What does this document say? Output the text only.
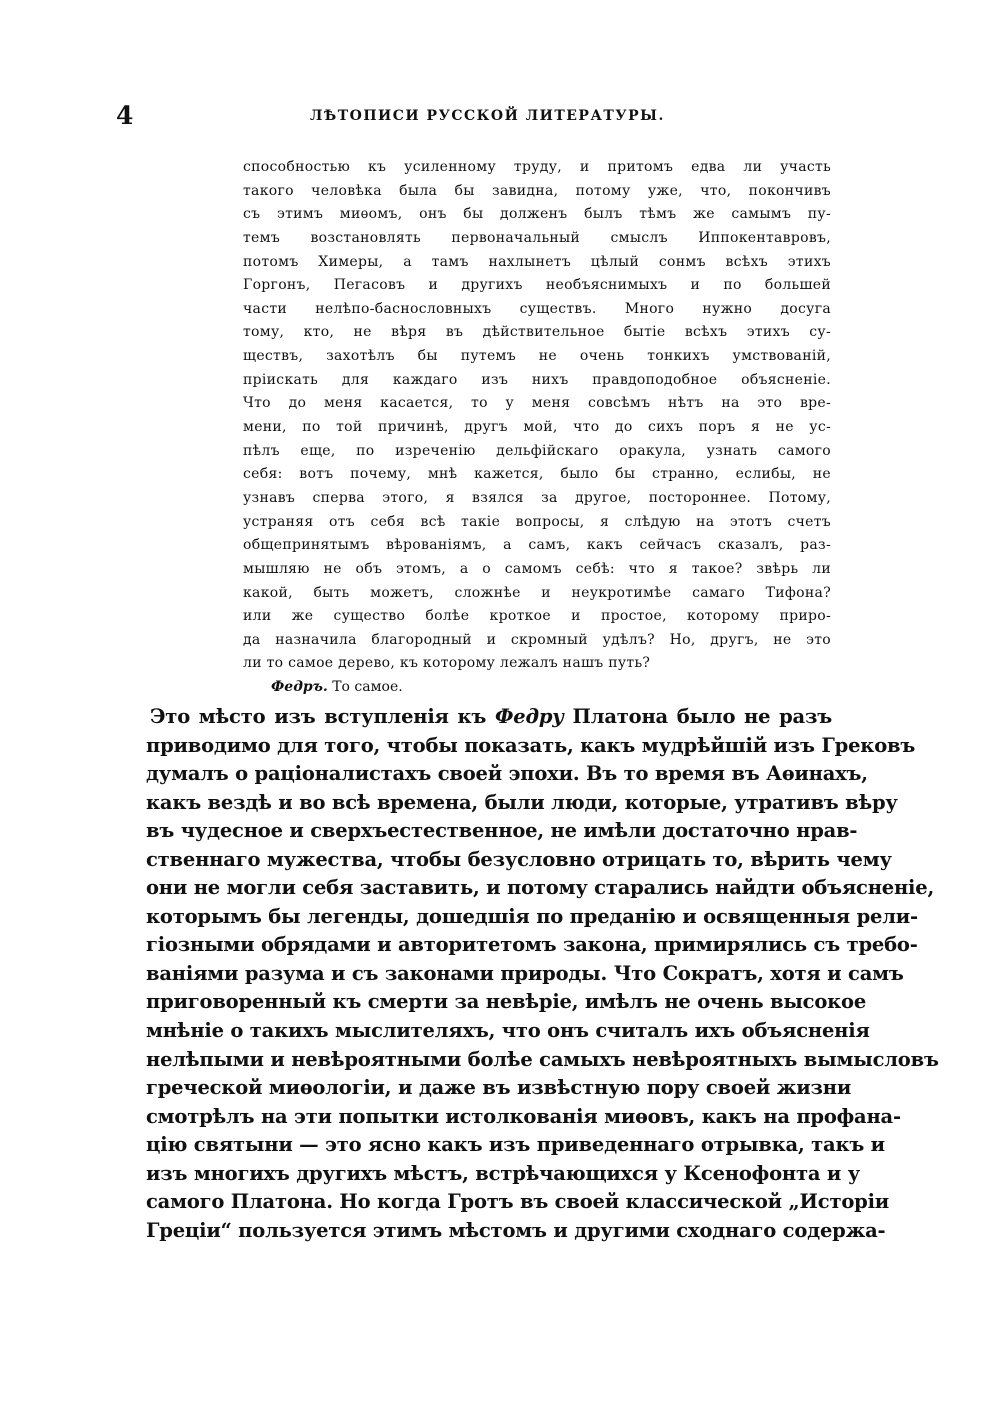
4	ЛѢТОПИСИ РУССКОЙ ЛИТЕРАТУРЫ.
способностью къ усиленному труду, и притомъ едва ли участь
такого человѣка была бы завидна, потому уже, что, покончивъ
съ этимъ миѳомъ, онъ бы долженъ былъ тѣмъ же самымъ пу-
темъ возстановлять первоначальный смыслъ Иппокентавровъ,
потомъ Химеры, а тамъ нахлынетъ цѣлый сонмъ всѣхъ этихъ
Горгонъ, Пегасовъ и другихъ необъяснимыхъ и по большей
части нелѣпо-баснословныхъ существъ. Много нужно досуга
тому, кто, не вѣря въ дѣйствительное бытіе всѣхъ этихъ су-
ществъ, захотѣлъ бы путемъ не очень тонкихъ умствованій,
пріискать для каждаго изъ нихъ правдоподобное объясненіе.
Что до меня касается, то у меня совсѣмъ нѣтъ на это вре-
мени, по той причинѣ, другъ мой, что до сихъ поръ я не ус-
пѣлъ еще, по изреченію дельфійскаго оракула, узнать самого
себя: вотъ почему, мнѣ кажется, было бы странно, еслибы, не
узнавъ сперва этого, я взялся за другое, постороннее. Потому,
устраняя отъ себя всѣ такіе вопросы, я слѣдую на этотъ счетъ
общепринятымъ вѣрованіямъ, а самъ, какъ сейчасъ сказалъ, раз-
мышляю не объ этомъ, а о самомъ себѣ: что я такое? звѣрь ли
какой, быть можетъ, сложнѣе и неукротимѣе самаго Тифона?
или же существо болѣе кроткое и простое, которому приро-
да назначила благородный и скромный удѣлъ? Но, другъ, не это
ли то самое дерево, къ которому лежалъ нашъ путь?
Федръ. То самое.
Это мѣсто изъ вступленія къ Федру Платона было не разъ
приводимо для того, чтобы показать, какъ мудрѣйшій изъ Грековъ
думалъ о раціоналистахъ своей эпохи. Въ то время въ Аѳинахъ,
какъ вездѣ и во всѣ времена, были люди, которые, утративъ вѣру
въ чудесное и сверхъестественное, не имѣли достаточно нрав-
ственнаго мужества, чтобы безусловно отрицать то, вѣрить чему
они не могли себя заставить, и потому старались найдти объясненіе,
которымъ бы легенды, дошедшія по преданію и освященныя рели-
гіозными обрядами и авторитетомъ закона, примирялись съ требо-
ваніями разума и съ законами природы. Что Сократъ, хотя и самъ
приговоренный къ смерти за невѣріе, имѣлъ не очень высокое
мнѣніе о такихъ мыслителяхъ, что онъ считалъ ихъ объясненія
нелѣпыми и невѣроятными болѣе самыхъ невѣроятныхъ вымысловъ
греческой миѳологіи, и даже въ извѣстную пору своей жизни
смотрѣлъ на эти попытки истолкованія миѳовъ, какъ на профана-
цію святыни — это ясно какъ изъ приведеннаго отрывка, такъ и
изъ многихъ другихъ мѣстъ, встрѣчающихся у Ксенофонта и у
самого Платона. Но когда Гротъ въ своей классической „Исторіи
Греціи“ пользуется этимъ мѣстомъ и другими сходнаго содержа-
